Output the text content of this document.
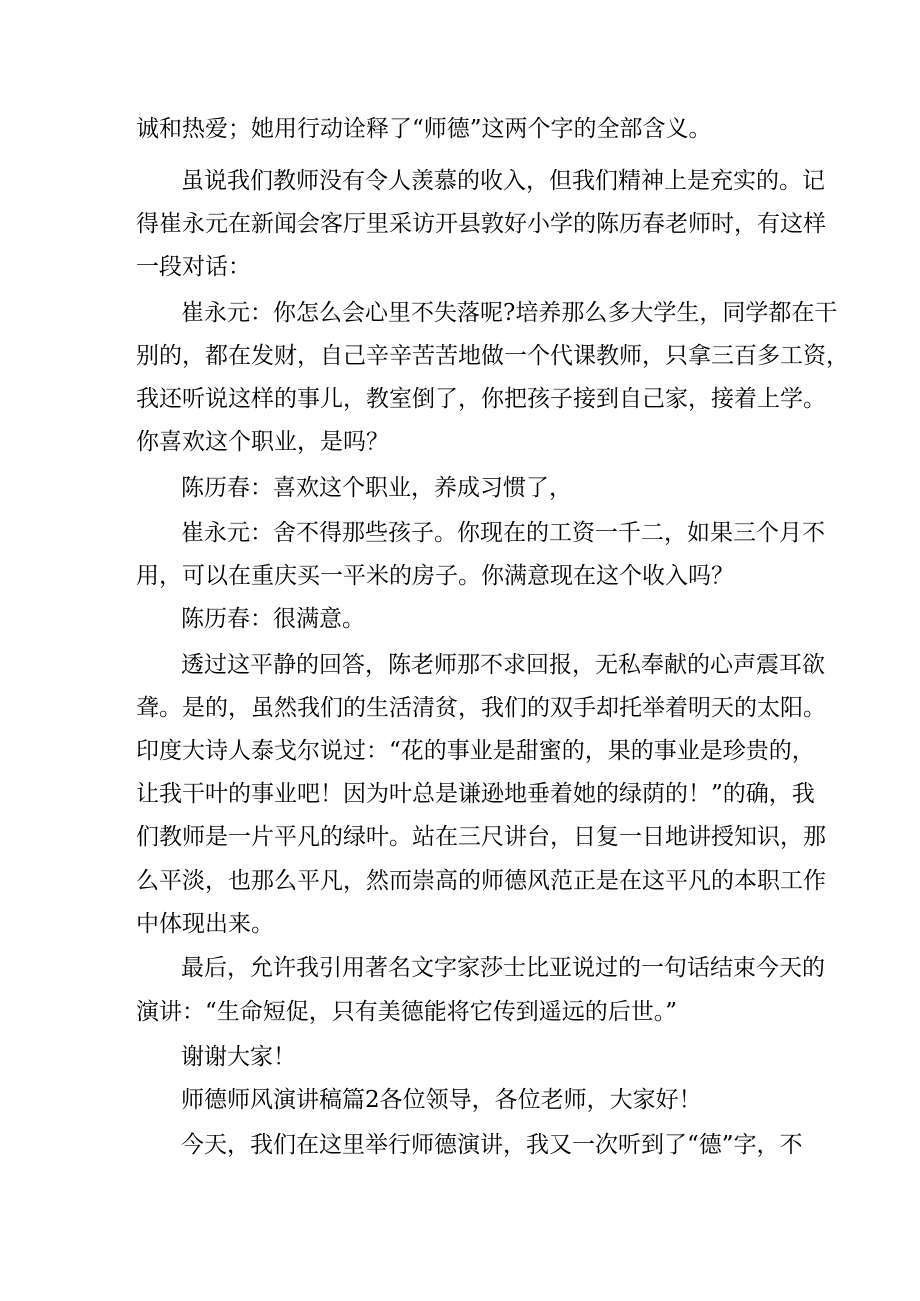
诚和热爱；她用行动诠释了“师德”这两个字的全部含义。

虽说我们教师没有令人羡慕的收入，但我们精神上是充实的。记

得崔永元在新闻会客厅里采访开县敦好小学的陈历春老师时，有这样

一段对话：

崔永元：你怎么会心里不失落呢?培养那么多大学生，同学都在干

别的，都在发财，自己辛辛苦苦地做一个代课教师，只拿三百多工资，

我还听说这样的事儿，教室倒了，你把孩子接到自己家，接着上学。

你喜欢这个职业，是吗？

陈历春：喜欢这个职业，养成习惯了，

崔永元：舍不得那些孩子。你现在的工资一千二，如果三个月不

用，可以在重庆买一平米的房子。你满意现在这个收入吗？

陈历春：很满意。

透过这平静的回答，陈老师那不求回报，无私奉献的心声震耳欲

聋。是的，虽然我们的生活清贫，我们的双手却托举着明天的太阳。

印度大诗人泰戈尔说过：“花的事业是甜蜜的，果的事业是珍贵的，

让我干叶的事业吧！因为叶总是谦逊地垂着她的绿荫的！”的确，我

们教师是一片平凡的绿叶。站在三尺讲台，日复一日地讲授知识，那

么平淡，也那么平凡，然而崇高的师德风范正是在这平凡的本职工作

中体现出来。

最后，允许我引用著名文字家莎士比亚说过的一句话结束今天的

演讲：“生命短促，只有美德能将它传到遥远的后世。”

谢谢大家！

师德师风演讲稿篇2各位领导，各位老师，大家好！

今天，我们在这里举行师德演讲，我又一次听到了“德”字，不
